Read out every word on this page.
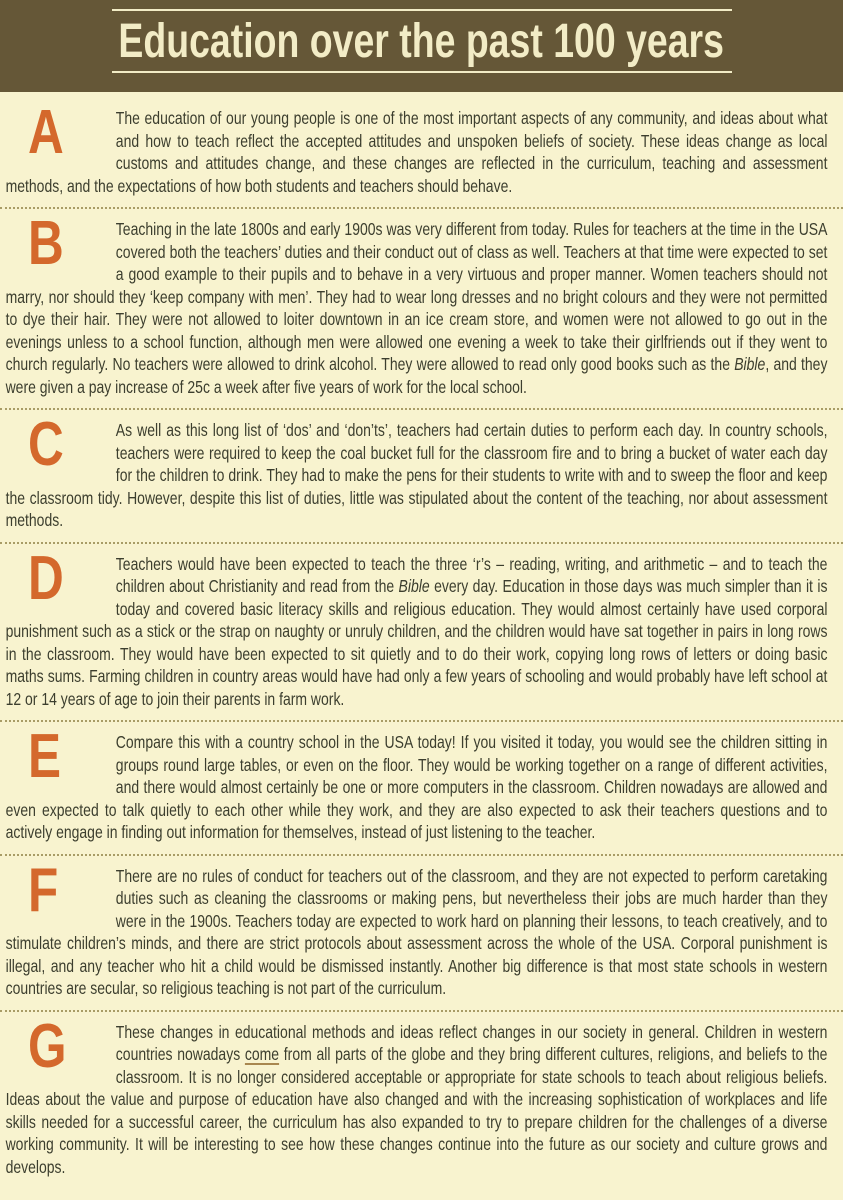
Education over the past 100 years
A	The education of our young people is one of the most important aspects of any community, and ideas about what and how to teach reflect the accepted attitudes and unspoken beliefs of society. These ideas change as local customs and attitudes change, and these changes are reflected in the curriculum, teaching and assessment methods, and the expectations of how both students and teachers should behave.
B	Teaching in the late 1800s and early 1900s was very different from today. Rules for teachers at the time in the USA covered both the teachers’ duties and their conduct out of class as well. Teachers at that time were expected to set a good example to their pupils and to behave in a very virtuous and proper manner. Women teachers should not marry, nor should they ‘keep company with men’. They had to wear long dresses and no bright colours and they were not permitted to dye their hair. They were not allowed to loiter downtown in an ice cream store, and women were not allowed to go out in the evenings unless to a school function, although men were allowed one evening a week to take their girlfriends out if they went to church regularly. No teachers were allowed to drink alcohol. They were allowed to read only good books such as the Bible, and they were given a pay increase of 25c a week after five years of work for the local school.
C	As well as this long list of ‘dos’ and ‘don’ts’, teachers had certain duties to perform each day. In country schools, teachers were required to keep the coal bucket full for the classroom fire and to bring a bucket of water each day for the children to drink. They had to make the pens for their students to write with and to sweep the floor and keep the classroom tidy. However, despite this list of duties, little was stipulated about the content of the teaching, nor about assessment methods.
D	Teachers would have been expected to teach the three ‘r’s – reading, writing, and arithmetic – and to teach the children about Christianity and read from the Bible every day. Education in those days was much simpler than it is today and covered basic literacy skills and religious education. They would almost certainly have used corporal punishment such as a stick or the strap on naughty or unruly children, and the children would have sat together in pairs in long rows in the classroom. They would have been expected to sit quietly and to do their work, copying long rows of letters or doing basic maths sums. Farming children in country areas would have had only a few years of schooling and would probably have left school at 12 or 14 years of age to join their parents in farm work.
E	Compare this with a country school in the USA today! If you visited it today, you would see the children sitting in groups round large tables, or even on the floor. They would be working together on a range of different activities, and there would almost certainly be one or more computers in the classroom. Children nowadays are allowed and even expected to talk quietly to each other while they work, and they are also expected to ask their teachers questions and to actively engage in finding out information for themselves, instead of just listening to the teacher.
F	There are no rules of conduct for teachers out of the classroom, and they are not expected to perform caretaking duties such as cleaning the classrooms or making pens, but nevertheless their jobs are much harder than they were in the 1900s. Teachers today are expected to work hard on planning their lessons, to teach creatively, and to stimulate children’s minds, and there are strict protocols about assessment across the whole of the USA. Corporal punishment is illegal, and any teacher who hit a child would be dismissed instantly. Another big difference is that most state schools in western countries are secular, so religious teaching is not part of the curriculum.
G	These changes in educational methods and ideas reflect changes in our society in general. Children in western countries nowadays come from all parts of the globe and they bring different cultures, religions, and beliefs to the classroom. It is no longer considered acceptable or appropriate for state schools to teach about religious beliefs. Ideas about the value and purpose of education have also changed and with the increasing sophistication of workplaces and life skills needed for a successful career, the curriculum has also expanded to try to prepare children for the challenges of a diverse working community. It will be interesting to see how these changes continue into the future as our society and culture grows and develops.
